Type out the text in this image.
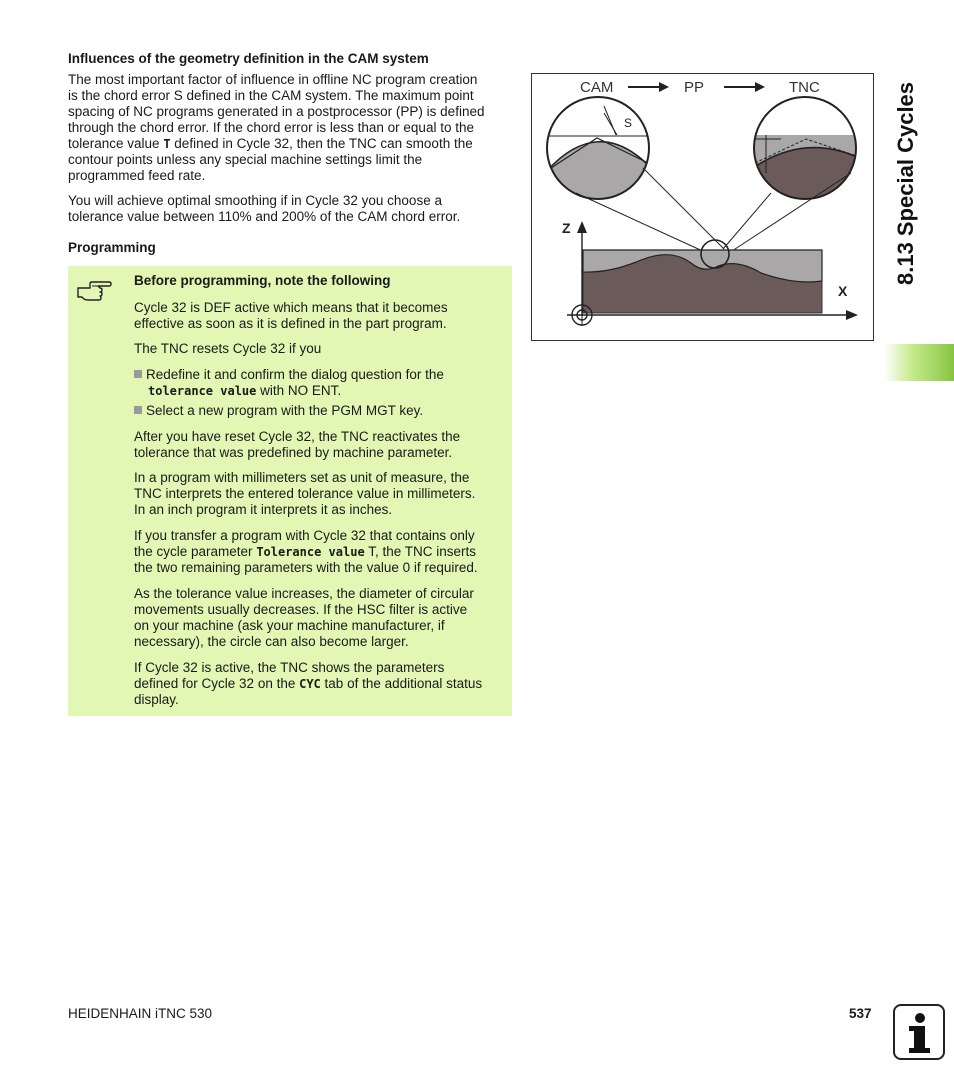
Influences of the geometry definition in the CAM system
The most important factor of influence in offline NC program creation
is the chord error S defined in the CAM system. The maximum point
spacing of NC programs generated in a postprocessor (PP) is defined
through the chord error. If the chord error is less than or equal to the
tolerance value T defined in Cycle 32, then the TNC can smooth the
contour points unless any special machine settings limit the
programmed feed rate.
You will achieve optimal smoothing if in Cycle 32 you choose a
tolerance value between 110% and 200% of the CAM chord error.
Programming
Before programming, note the following
Cycle 32 is DEF active which means that it becomes
effective as soon as it is defined in the part program.
The TNC resets Cycle 32 if you
Redefine it and confirm the dialog question for the
tolerance value with NO ENT.
Select a new program with the PGM MGT key.
After you have reset Cycle 32, the TNC reactivates the
tolerance that was predefined by machine parameter.
In a program with millimeters set as unit of measure, the
TNC interprets the entered tolerance value in millimeters.
In an inch program it interprets it as inches.
If you transfer a program with Cycle 32 that contains only
the cycle parameter Tolerance value T, the TNC inserts
the two remaining parameters with the value 0 if required.
As the tolerance value increases, the diameter of circular
movements usually decreases. If the HSC filter is active
on your machine (ask your machine manufacturer, if
necessary), the circle can also become larger.
If Cycle 32 is active, the TNC shows the parameters
defined for Cycle 32 on the CYC tab of the additional status
display.
CAM	PP	TNC
S
Z
X
8.13 Special Cycles
HEIDENHAIN iTNC 530	537
